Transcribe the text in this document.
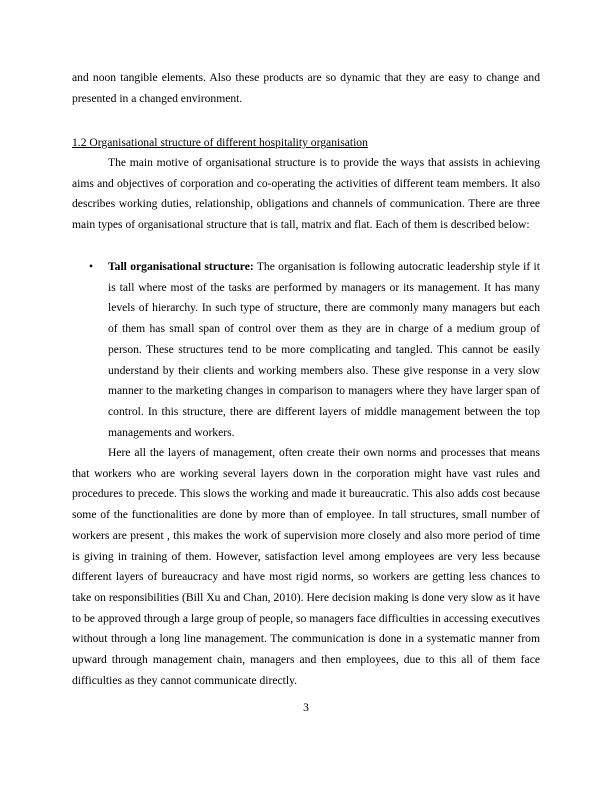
and noon tangible elements. Also these products are so dynamic that they are easy to change and presented in a changed environment.

1.2 Organisational structure of different hospitality organisation

The main motive of organisational structure is to provide the ways that assists in achieving aims and objectives of corporation and co-operating the activities of different team members. It also describes working duties, relationship, obligations and channels of communication. There are three main types of organisational structure that is tall, matrix and flat. Each of them is described below:

•	Tall organisational structure: The organisation is following autocratic leadership style if it is tall where most of the tasks are performed by managers or its management. It has many levels of hierarchy. In such type of structure, there are commonly many managers but each of them has small span of control over them as they are in charge of a medium group of person. These structures tend to be more complicating and tangled. This cannot be easily understand by their clients and working members also. These give response in a very slow manner to the marketing changes in comparison to managers where they have larger span of control. In this structure, there are different layers of middle management between the top managements and workers.

Here all the layers of management, often create their own norms and processes that means that workers who are working several layers down in the corporation might have vast rules and procedures to precede. This slows the working and made it bureaucratic. This also adds cost because some of the functionalities are done by more than of employee. In tall structures, small number of workers are present , this makes the work of supervision more closely and also more period of time is giving in training of them. However, satisfaction level among employees are very less because different layers of bureaucracy and have most rigid norms, so workers are getting less chances to take on responsibilities (Bill Xu and Chan, 2010). Here decision making is done very slow as it have to be approved through a large group of people, so managers face difficulties in accessing executives without through a long line management. The communication is done in a systematic manner from upward through management chain, managers and then employees, due to this all of them face difficulties as they cannot communicate directly.

3
